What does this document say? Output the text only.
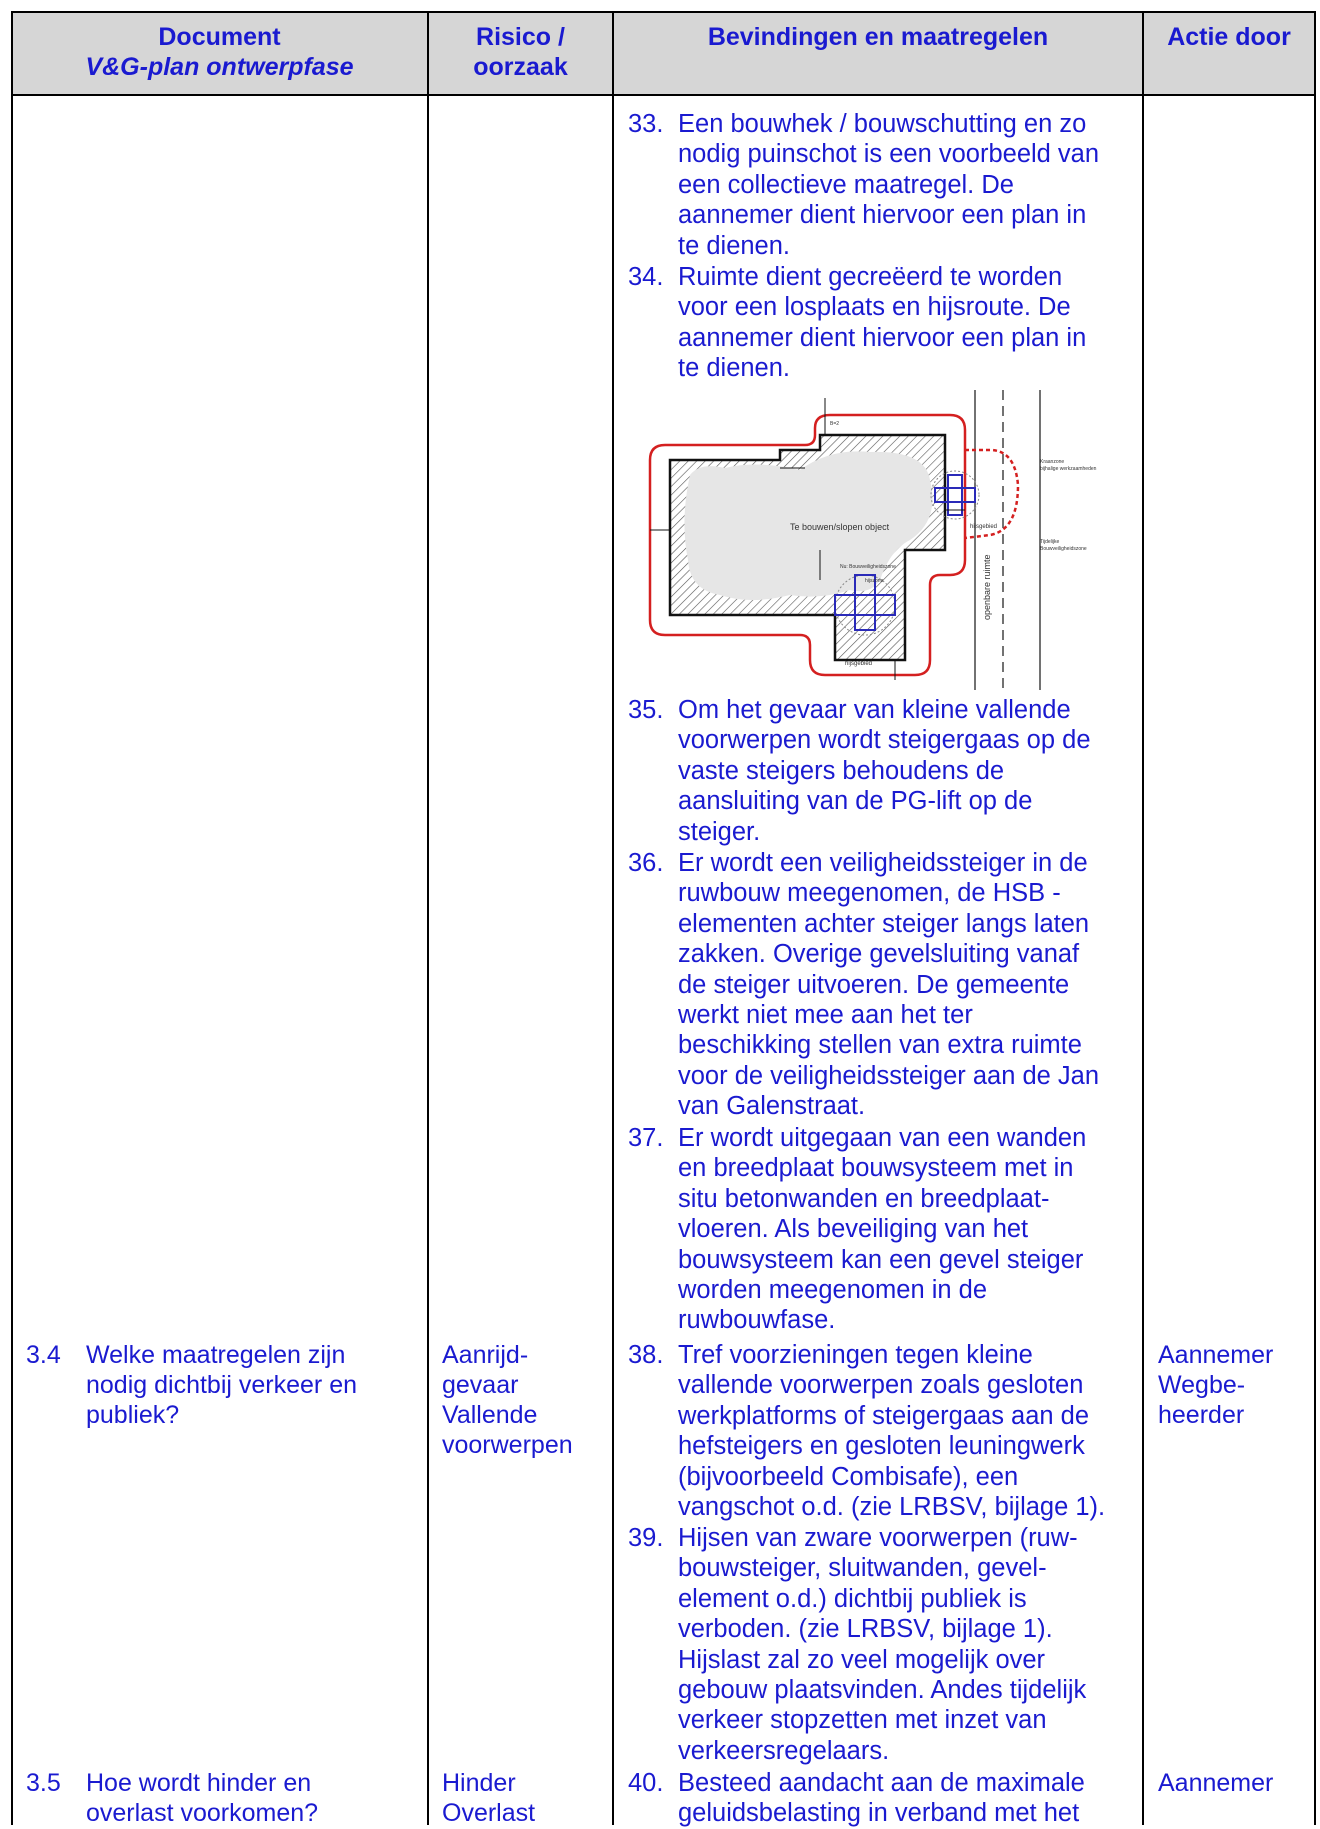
Document
V&G-plan ontwerpfase
Risico /
oorzaak
Bevindingen en maatregelen	Actie door
3.4 Welke maatregelen zijn
nodig dichtbij verkeer en
publiek?
Aanrijd-
gevaar
Vallende
voorwerpen
Aannemer
Wegbe-
heerder
3.5 Hoe wordt hinder en
overlast voorkomen?
Hinder
Overlast
Aannemer
33. Een bouwhek / bouwschutting en zo
nodig puinschot is een voorbeeld van
een collectieve maatregel. De
aannemer dient hiervoor een plan in
te dienen.
34. Ruimte dient gecreëerd te worden
voor een losplaats en hijsroute. De
aannemer dient hiervoor een plan in
te dienen.
Te bouwen/slopen object
openbare ruimte
hijsgebied
hijsgebied
Nu: Bouwveiligheidszone
hijszone
Kraanzone
bijhalige werkzaamheden
Tijdelijke
Bouwveiligheidszone
B=2
35. Om het gevaar van kleine vallende
voorwerpen wordt steigergaas op de
vaste steigers behoudens de
aansluiting van de PG-lift op de
steiger.
36. Er wordt een veiligheidssteiger in de
ruwbouw meegenomen, de HSB -
elementen achter steiger langs laten
zakken. Overige gevelsluiting vanaf
de steiger uitvoeren. De gemeente
werkt niet mee aan het ter
beschikking stellen van extra ruimte
voor de veiligheidssteiger aan de Jan
van Galenstraat.
37. Er wordt uitgegaan van een wanden
en breedplaat bouwsysteem met in
situ betonwanden en breedplaat-
vloeren. Als beveiliging van het
bouwsysteem kan een gevel steiger
worden meegenomen in de
ruwbouwfase.
38. Tref voorzieningen tegen kleine
vallende voorwerpen zoals gesloten
werkplatforms of steigergaas aan de
hefsteigers en gesloten leuningwerk
(bijvoorbeeld Combisafe), een
vangschot o.d. (zie LRBSV, bijlage 1).
39. Hijsen van zware voorwerpen (ruw-
bouwsteiger, sluitwanden, gevel-
element o.d.) dichtbij publiek is
verboden. (zie LRBSV, bijlage 1).
Hijslast zal zo veel mogelijk over
gebouw plaatsvinden. Andes tijdelijk
verkeer stopzetten met inzet van
verkeersregelaars.
40. Besteed aandacht aan de maximale
geluidsbelasting in verband met het
